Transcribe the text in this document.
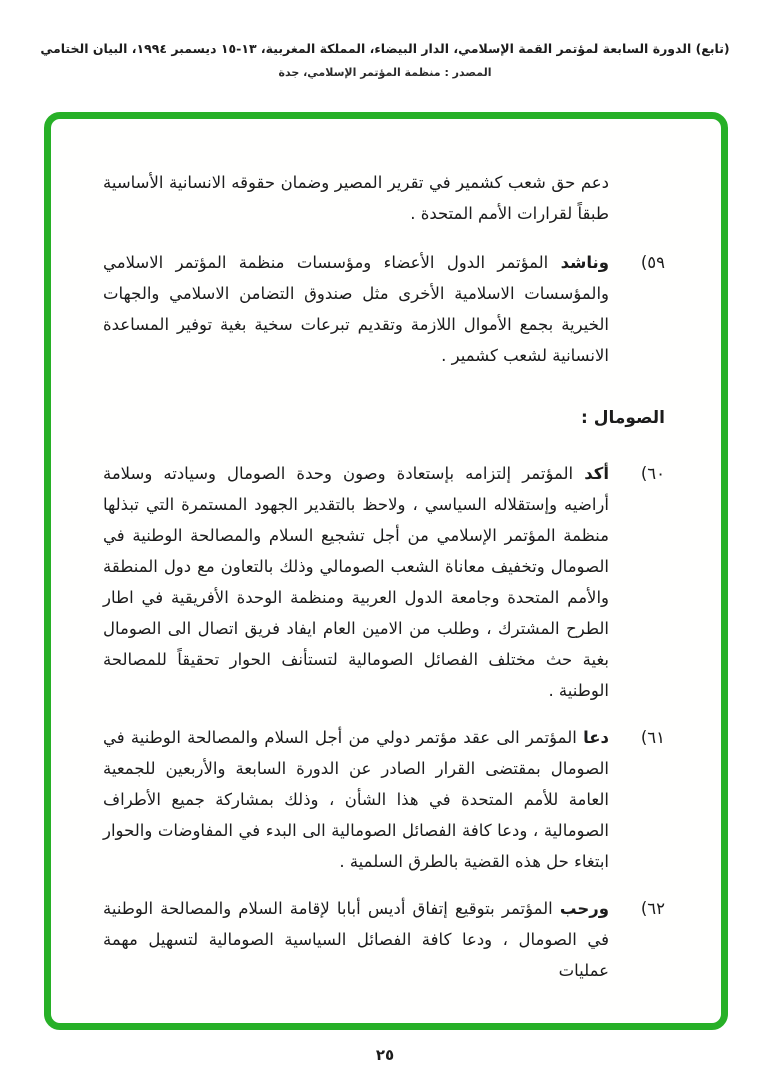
(تابع) الدورة السابعة لمؤتمر القمة الإسلامي، الدار البيضاء، المملكة المغربية، ١٣-١٥ ديسمبر ١٩٩٤، البيان الختامي
المصدر : منظمة المؤتمر الإسلامي، جدة

دعم حق شعب كشمير في تقرير المصير وضمان حقوقه الانسانية الأساسية طبقاً لقرارات الأمم المتحدة .

(٥٩

وناشد المؤتمر الدول الأعضاء ومؤسسات منظمة المؤتمر الاسلامي والمؤسسات الاسلامية الأخرى مثل صندوق التضامن الاسلامي والجهات الخيرية بجمع الأموال اللازمة وتقديم تبرعات سخية بغية توفير المساعدة الانسانية لشعب كشمير .

الصومال :
(٦٠

أكد المؤتمر إلتزامه بإستعادة وصون وحدة الصومال وسيادته وسلامة أراضيه وإستقلاله السياسي ، ولاحظ بالتقدير الجهود المستمرة التي تبذلها منظمة المؤتمر الإسلامي من أجل تشجيع السلام والمصالحة الوطنية في الصومال وتخفيف معاناة الشعب الصومالي وذلك بالتعاون مع دول المنطقة والأمم المتحدة وجامعة الدول العربية ومنظمة الوحدة الأفريقية في اطار الطرح المشترك ، وطلب من الامين العام ايفاد فريق اتصال الى الصومال بغية حث مختلف الفصائل الصومالية لتستأنف الحوار تحقيقاً للمصالحة الوطنية .

(٦١

دعا المؤتمر الى عقد مؤتمر دولي من أجل السلام والمصالحة الوطنية في الصومال بمقتضى القرار الصادر عن الدورة السابعة والأربعين للجمعية العامة للأمم المتحدة في هذا الشأن ، وذلك بمشاركة جميع الأطراف الصومالية ، ودعا كافة الفصائل الصومالية الى البدء في المفاوضات والحوار ابتغاء حل هذه القضية بالطرق السلمية .

(٦٢

ورحب المؤتمر بتوقيع إتفاق أديس أبابا لإقامة السلام والمصالحة الوطنية في الصومال ، ودعا كافة الفصائل السياسية الصومالية لتسهيل مهمة عمليات

٢٥
